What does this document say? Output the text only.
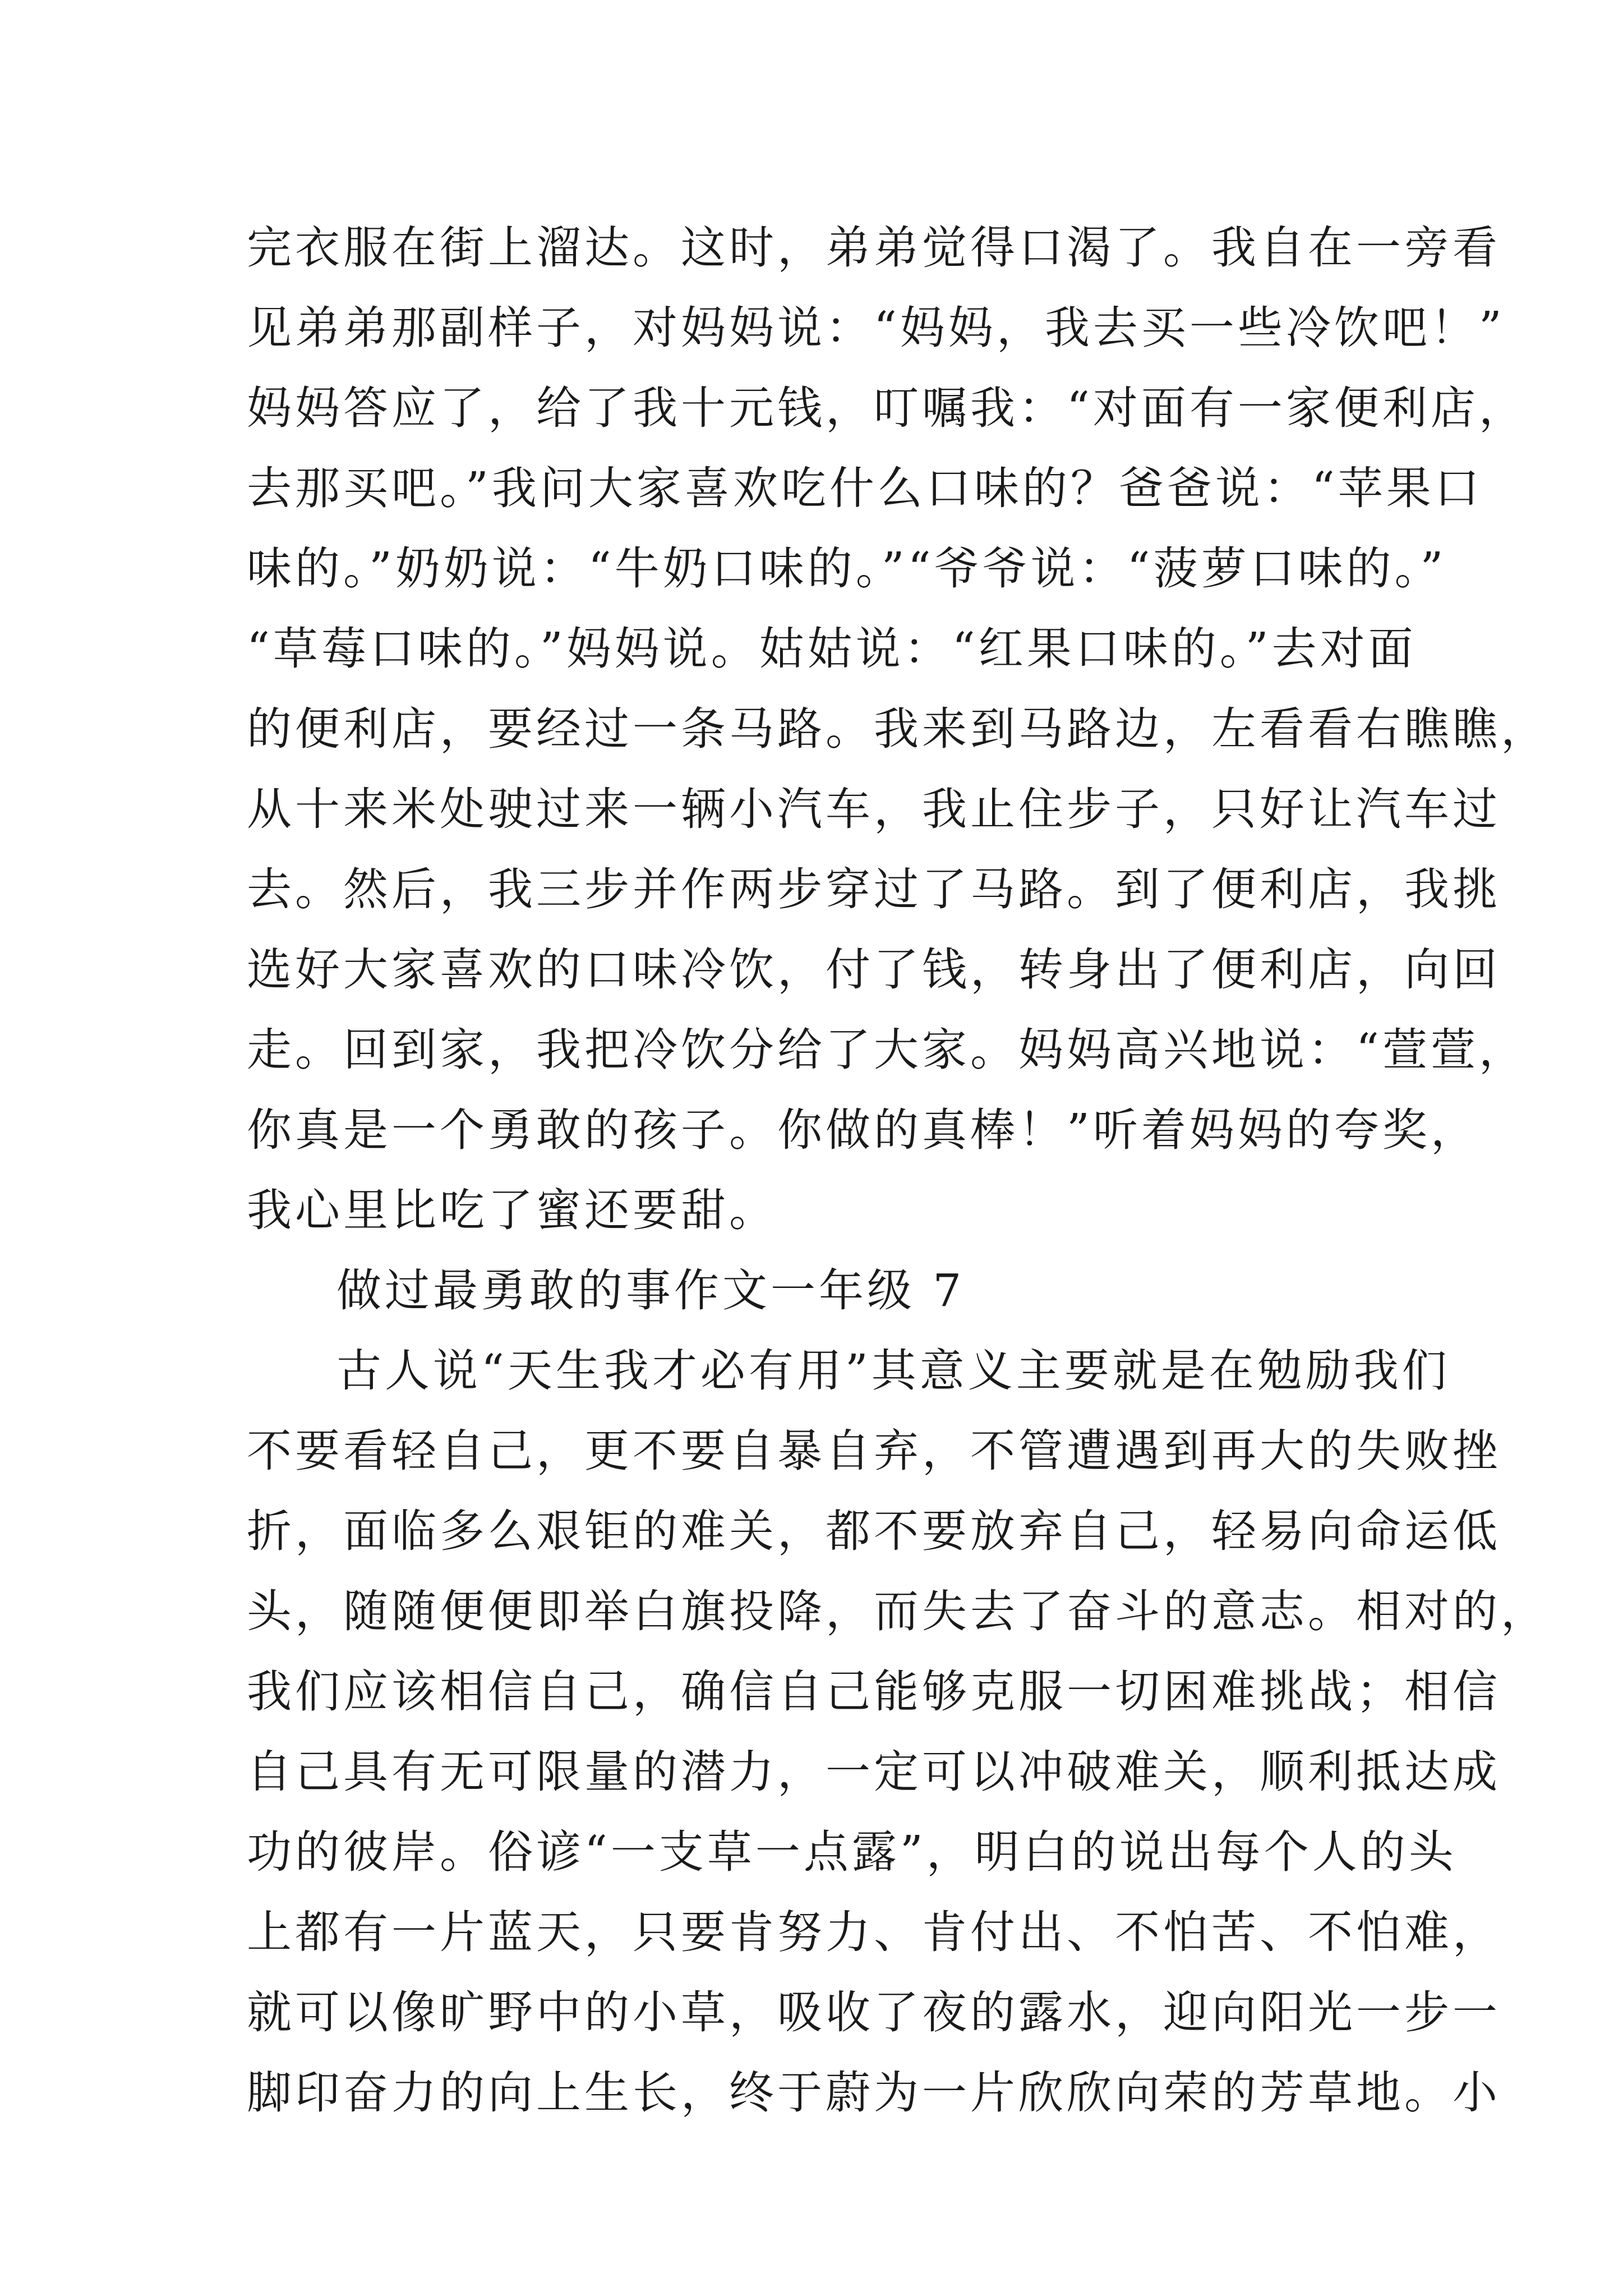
完衣服在街上溜达。这时，弟弟觉得口渴了。我自在一旁看
见弟弟那副样子，对妈妈说：“妈妈，我去买一些冷饮吧！”
妈妈答应了，给了我十元钱，叮嘱我：“对面有一家便利店，
去那买吧。”我问大家喜欢吃什么口味的？爸爸说：“苹果口
味的。”奶奶说：“牛奶口味的。”“爷爷说：“菠萝口味的。”
“草莓口味的。”妈妈说。姑姑说：“红果口味的。”去对面
的便利店，要经过一条马路。我来到马路边，左看看右瞧瞧，
从十来米处驶过来一辆小汽车，我止住步子，只好让汽车过
去。然后，我三步并作两步穿过了马路。到了便利店，我挑
选好大家喜欢的口味冷饮，付了钱，转身出了便利店，向回
走。回到家，我把冷饮分给了大家。妈妈高兴地说：“萱萱，
你真是一个勇敢的孩子。你做的真棒！”听着妈妈的夸奖，
我心里比吃了蜜还要甜。
做过最勇敢的事作文一年级 7
古人说“天生我才必有用”其意义主要就是在勉励我们
不要看轻自己，更不要自暴自弃，不管遭遇到再大的失败挫
折，面临多么艰钜的难关，都不要放弃自己，轻易向命运低
头，随随便便即举白旗投降，而失去了奋斗的意志。相对的，
我们应该相信自己，确信自己能够克服一切困难挑战；相信
自己具有无可限量的潜力，一定可以冲破难关，顺利抵达成
功的彼岸。俗谚“一支草一点露”，明白的说出每个人的头
上都有一片蓝天，只要肯努力、肯付出、不怕苦、不怕难，
就可以像旷野中的小草，吸收了夜的露水，迎向阳光一步一
脚印奋力的向上生长，终于蔚为一片欣欣向荣的芳草地。小
